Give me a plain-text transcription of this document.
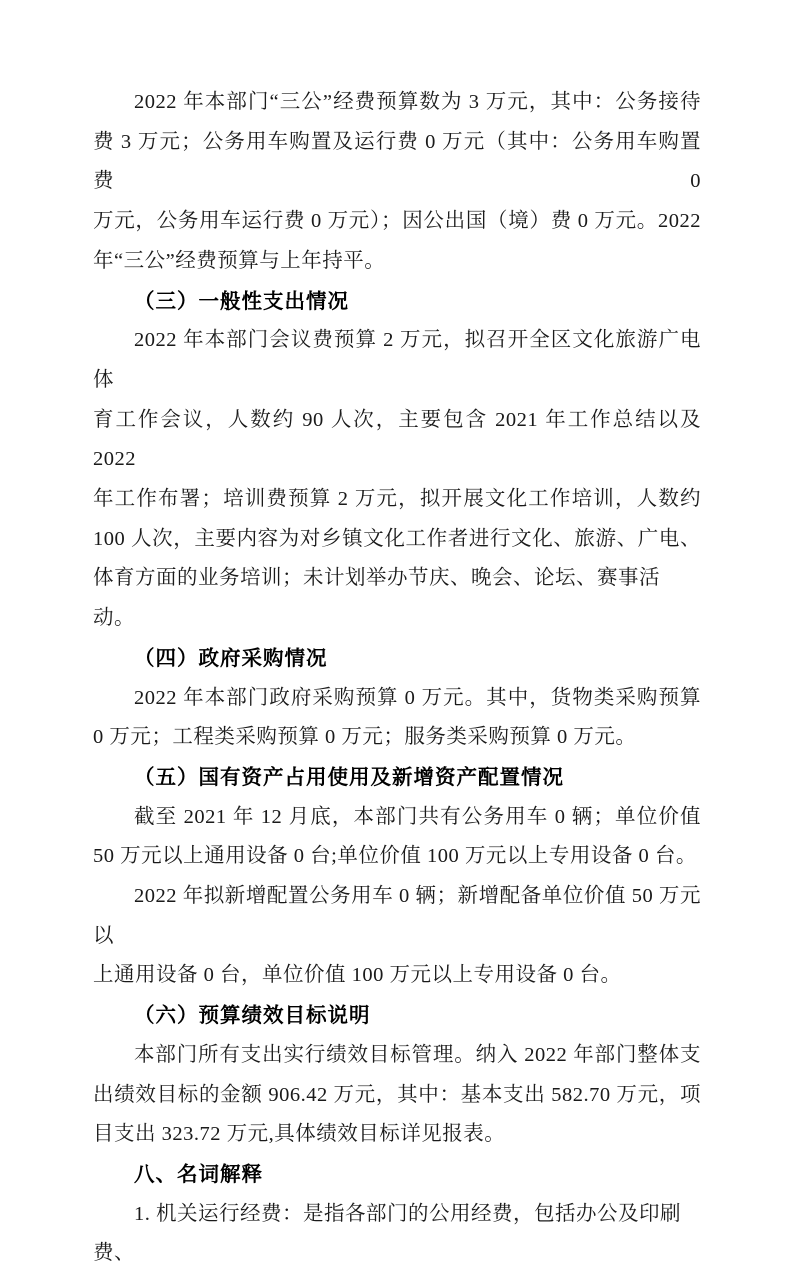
2022 年本部门“三公”经费预算数为 3 万元，其中：公务接待
费 3 万元；公务用车购置及运行费 0 万元（其中：公务用车购置费 0
万元，公务用车运行费 0 万元）；因公出国（境）费 0 万元。2022
年“三公”经费预算与上年持平。
（三）一般性支出情况
2022 年本部门会议费预算 2 万元，拟召开全区文化旅游广电体
育工作会议，人数约 90 人次，主要包含 2021 年工作总结以及 2022
年工作布署；培训费预算 2 万元，拟开展文化工作培训，人数约
100 人次，主要内容为对乡镇文化工作者进行文化、旅游、广电、
体育方面的业务培训；未计划举办节庆、晚会、论坛、赛事活动。
（四）政府采购情况
2022 年本部门政府采购预算 0 万元。其中，货物类采购预算
0 万元；工程类采购预算 0 万元；服务类采购预算 0 万元。
（五）国有资产占用使用及新增资产配置情况
截至 2021 年 12 月底，本部门共有公务用车 0 辆；单位价值
50 万元以上通用设备 0 台;单位价值 100 万元以上专用设备 0 台。
2022 年拟新增配置公务用车 0 辆；新增配备单位价值 50 万元以
上通用设备 0 台，单位价值 100 万元以上专用设备 0 台。
（六）预算绩效目标说明
本部门所有支出实行绩效目标管理。纳入 2022 年部门整体支
出绩效目标的金额 906.42 万元，其中：基本支出 582.70 万元，项
目支出 323.72 万元,具体绩效目标详见报表。
八、名词解释
1. 机关运行经费：是指各部门的公用经费，包括办公及印刷费、
